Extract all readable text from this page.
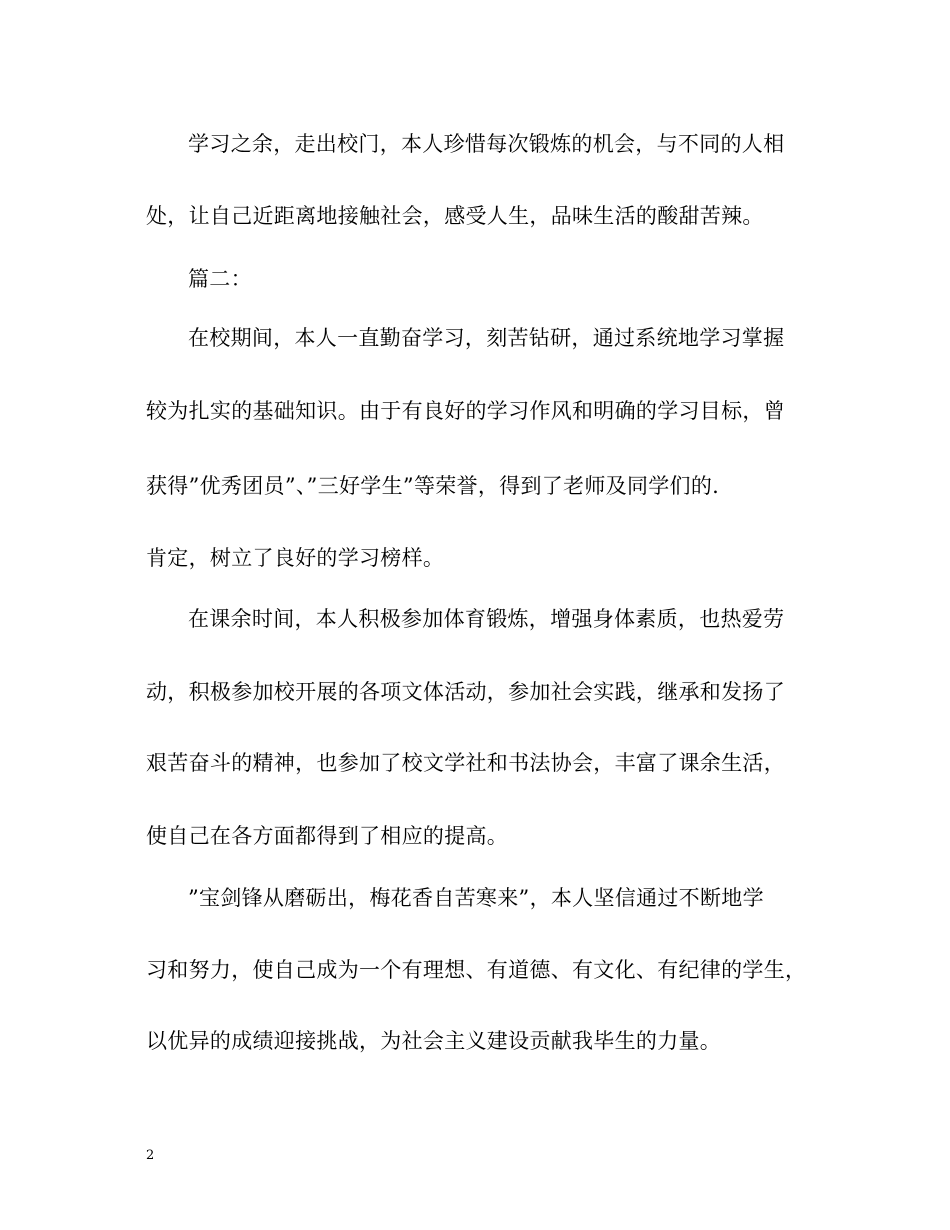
学习之余，走出校门，本人珍惜每次锻炼的机会，与不同的人相
处，让自己近距离地接触社会，感受人生，品味生活的酸甜苦辣。
篇二：
在校期间，本人一直勤奋学习，刻苦钻研，通过系统地学习掌握
较为扎实的基础知识。由于有良好的学习作风和明确的学习目标，曾
获得”优秀团员”、”三好学生”等荣誉，得到了老师及同学们的.
肯定，树立了良好的学习榜样。
在课余时间，本人积极参加体育锻炼，增强身体素质，也热爱劳
动，积极参加校开展的各项文体活动，参加社会实践，继承和发扬了
艰苦奋斗的精神，也参加了校文学社和书法协会，丰富了课余生活，
使自己在各方面都得到了相应的提高。
”宝剑锋从磨砺出，梅花香自苦寒来”，本人坚信通过不断地学
习和努力，使自己成为一个有理想、有道德、有文化、有纪律的学生，
以优异的成绩迎接挑战，为社会主义建设贡献我毕生的力量。
2
